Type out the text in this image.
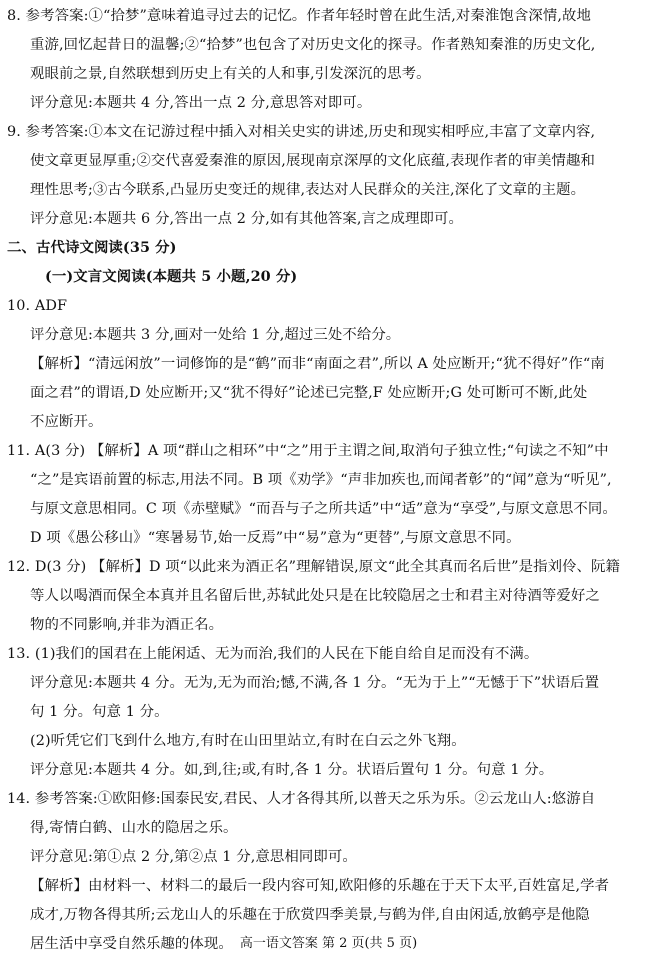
8. 参考答案:①“拾梦”意味着追寻过去的记忆。作者年轻时曾在此生活,对秦淮饱含深情,故地
重游,回忆起昔日的温馨;②“拾梦”也包含了对历史文化的探寻。作者熟知秦淮的历史文化,
观眼前之景,自然联想到历史上有关的人和事,引发深沉的思考。
评分意见:本题共 4 分,答出一点 2 分,意思答对即可。
9. 参考答案:①本文在记游过程中插入对相关史实的讲述,历史和现实相呼应,丰富了文章内容,
使文章更显厚重;②交代喜爱秦淮的原因,展现南京深厚的文化底蕴,表现作者的审美情趣和
理性思考;③古今联系,凸显历史变迁的规律,表达对人民群众的关注,深化了文章的主题。
评分意见:本题共 6 分,答出一点 2 分,如有其他答案,言之成理即可。
二、古代诗文阅读(35 分)
(一)文言文阅读(本题共 5 小题,20 分)
10. ADF
评分意见:本题共 3 分,画对一处给 1 分,超过三处不给分。
【解析】“清远闲放”一词修饰的是“鹤”而非“南面之君”,所以 A 处应断开;“犹不得好”作“南
面之君”的谓语,D 处应断开;又“犹不得好”论述已完整,F 处应断开;G 处可断可不断,此处
不应断开。
11. A(3 分) 【解析】A 项“群山之相环”中“之”用于主谓之间,取消句子独立性;“句读之不知”中
“之”是宾语前置的标志,用法不同。B 项《劝学》“声非加疾也,而闻者彰”的“闻”意为“听见”,
与原文意思相同。C 项《赤壁赋》“而吾与子之所共适”中“适”意为“享受”,与原文意思不同。
D 项《愚公移山》“寒暑易节,始一反焉”中“易”意为“更替”,与原文意思不同。
12. D(3 分) 【解析】D 项“以此来为酒正名”理解错误,原文“此全其真而名后世”是指刘伶、阮籍
等人以喝酒而保全本真并且名留后世,苏轼此处只是在比较隐居之士和君主对待酒等爱好之
物的不同影响,并非为酒正名。
13. (1)我们的国君在上能闲适、无为而治,我们的人民在下能自给自足而没有不满。
评分意见:本题共 4 分。无为,无为而治;憾,不满,各 1 分。“无为于上”“无憾于下”状语后置
句 1 分。句意 1 分。
(2)听凭它们飞到什么地方,有时在山田里站立,有时在白云之外飞翔。
评分意见:本题共 4 分。如,到,往;或,有时,各 1 分。状语后置句 1 分。句意 1 分。
14. 参考答案:①欧阳修:国泰民安,君民、人才各得其所,以普天之乐为乐。②云龙山人:悠游自
得,寄情白鹤、山水的隐居之乐。
评分意见:第①点 2 分,第②点 1 分,意思相同即可。
【解析】由材料一、材料二的最后一段内容可知,欧阳修的乐趣在于天下太平,百姓富足,学者
成才,万物各得其所;云龙山人的乐趣在于欣赏四季美景,与鹤为伴,自由闲适,放鹤亭是他隐
居生活中享受自然乐趣的体现。 高一语文答案 第 2 页(共 5 页)
